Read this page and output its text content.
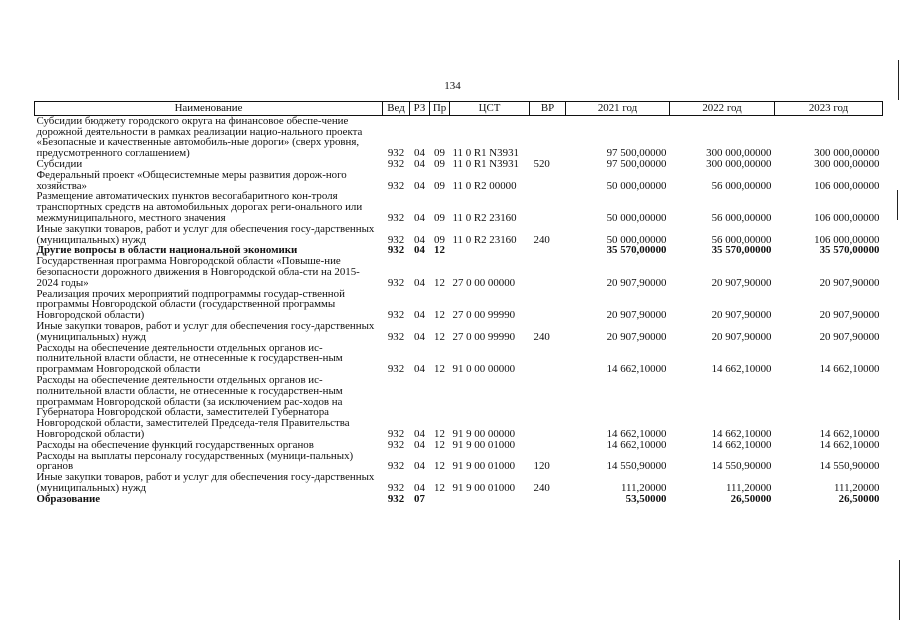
134
Наименование	Вед	РЗ	Пр	ЦСТ	ВР	2021 год	2022 год	2023 год
Субсидии бюджету городского округа на финансовое обеспе-чение дорожной деятельности в рамках реализации нацио-нального проекта «Безопасные и качественные автомобиль-ные дороги» (сверх уровня, предусмотренного соглашением)	932	04	09	11 0 R1 N3931		97 500,00000	300 000,00000	300 000,00000
Субсидии	932	04	09	11 0 R1 N3931	520	97 500,00000	300 000,00000	300 000,00000
Федеральный проект «Общесистемные меры развития дорож-ного хозяйства»	932	04	09	11 0 R2 00000		50 000,00000	56 000,00000	106 000,00000
Размещение автоматических пунктов весогабаритного кон-троля транспортных средств на автомобильных дорогах реги-онального или межмуниципального, местного значения	932	04	09	11 0 R2 23160		50 000,00000	56 000,00000	106 000,00000
Иные закупки товаров, работ и услуг для обеспечения госу-дарственных (муниципальных) нужд	932	04	09	11 0 R2 23160	240	50 000,00000	56 000,00000	106 000,00000
Другие вопросы в области национальной экономики	932	04	12			35 570,00000	35 570,00000	35 570,00000
Государственная программа Новгородской области «Повыше-ние безопасности дорожного движения в Новгородской обла-сти на 2015-2024 годы»	932	04	12	27 0 00 00000		20 907,90000	20 907,90000	20 907,90000
Реализация прочих мероприятий подпрограммы государ-ственной программы Новгородской области (государственной программы Новгородской области)	932	04	12	27 0 00 99990		20 907,90000	20 907,90000	20 907,90000
Иные закупки товаров, работ и услуг для обеспечения госу-дарственных (муниципальных) нужд	932	04	12	27 0 00 99990	240	20 907,90000	20 907,90000	20 907,90000
Расходы на обеспечение деятельности отдельных органов ис-полнительной власти области, не отнесенные к государствен-ным программам Новгородской области	932	04	12	91 0 00 00000		14 662,10000	14 662,10000	14 662,10000
Расходы на обеспечение деятельности отдельных органов ис-полнительной власти области, не отнесенные к государствен-ным программам Новгородской области (за исключением рас-ходов на Губернатора Новгородской области, заместителей Губернатора Новгородской области, заместителей Председа-теля Правительства Новгородской области)	932	04	12	91 9 00 00000		14 662,10000	14 662,10000	14 662,10000
Расходы на обеспечение функций государственных органов	932	04	12	91 9 00 01000		14 662,10000	14 662,10000	14 662,10000
Расходы на выплаты персоналу государственных (муници-пальных) органов	932	04	12	91 9 00 01000	120	14 550,90000	14 550,90000	14 550,90000
Иные закупки товаров, работ и услуг для обеспечения госу-дарственных (муниципальных) нужд	932	04	12	91 9 00 01000	240	111,20000	111,20000	111,20000
Образование	932	07				53,50000	26,50000	26,50000
